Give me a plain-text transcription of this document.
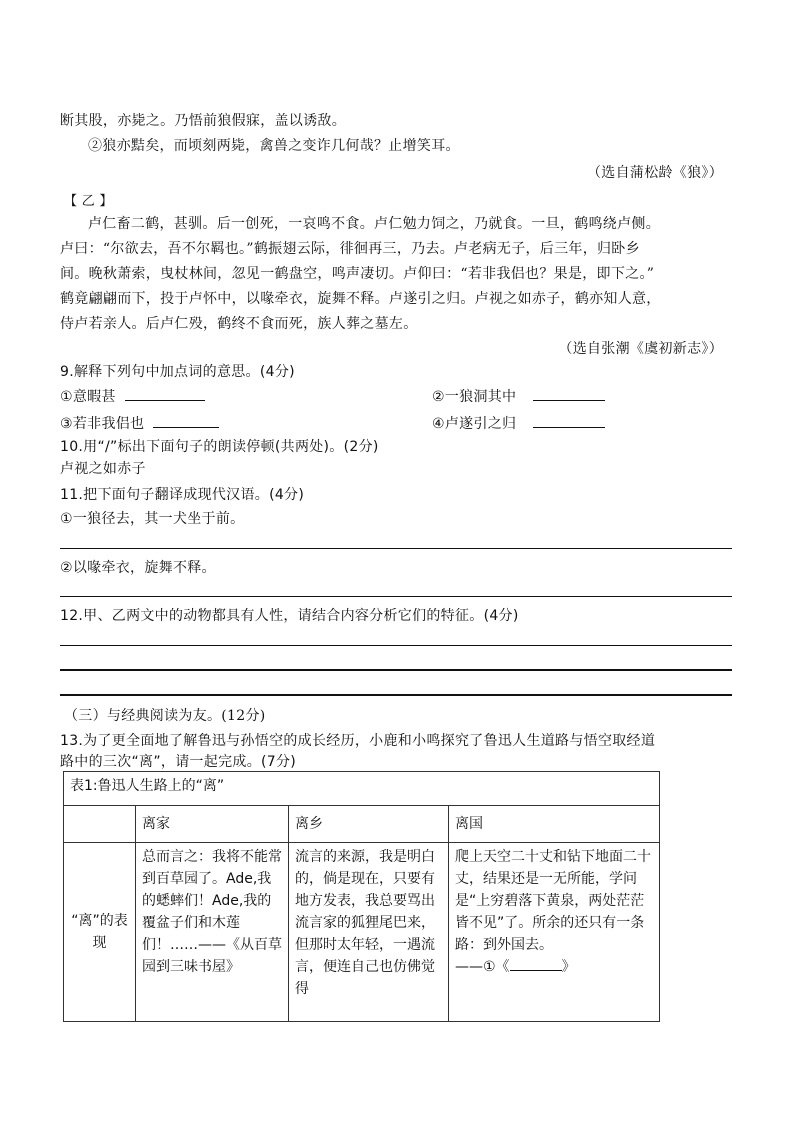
断其股，亦毙之。乃悟前狼假寐，盖以诱敌。
②狼亦黠矣，而顷刻两毙，禽兽之变诈几何哉？止增笑耳。
（选自蒲松龄《狼》）
【 乙 】
卢仁畜二鹤，甚驯。后一创死，一哀鸣不食。卢仁勉力饲之，乃就食。一旦，鹤鸣绕卢侧。
卢曰：“尔欲去，吾不尔羁也。”鹤振翅云际，徘徊再三，乃去。卢老病无子，后三年，归卧乡
间。晚秋萧索，曳杖林间，忽见一鹤盘空，鸣声凄切。卢仰曰：“若非我侣也？果是，即下之。”
鹤竟翩翩而下，投于卢怀中，以喙牵衣，旋舞不释。卢遂引之归。卢视之如赤子，鹤亦知人意，
侍卢若亲人。后卢仁殁，鹤终不食而死，族人葬之墓左。
（选自张潮《虞初新志》）
9.解释下列句中加点词的意思。(4分)
①意暇甚	②一狼洞其中
③若非我侣也	④卢遂引之归
10.用“/”标出下面句子的朗读停顿(共两处)。(2分)
卢视之如赤子
11.把下面句子翻译成现代汉语。(4分)
①一狼径去，其一犬坐于前。
②以喙牵衣，旋舞不释。
12.甲、乙两文中的动物都具有人性，请结合内容分析它们的特征。(4分)
（三）与经典阅读为友。(12分)
13.为了更全面地了解鲁迅与孙悟空的成长经历，小鹿和小鸣探究了鲁迅人生道路与悟空取经道
路中的三次“离”，请一起完成。(7分)
表1:鲁迅人生路上的“离”			
	离家	离乡	离国
“离”的表现	总而言之：我将不能常到百草园了。Ade,我的蟋蟀们！Ade,我的覆盆子们和木莲们！……——《从百草园到三味书屋》	流言的来源，我是明白的，倘是现在，只要有地方发表，我总要骂出流言家的狐狸尾巴来，但那时太年轻，一遇流言，便连自己也仿佛觉得	爬上天空二十丈和钻下地面二十丈，结果还是一无所能，学问是“上穷碧落下黄泉，两处茫茫皆不见”了。所余的还只有一条路：到外国去。
——①《 》
